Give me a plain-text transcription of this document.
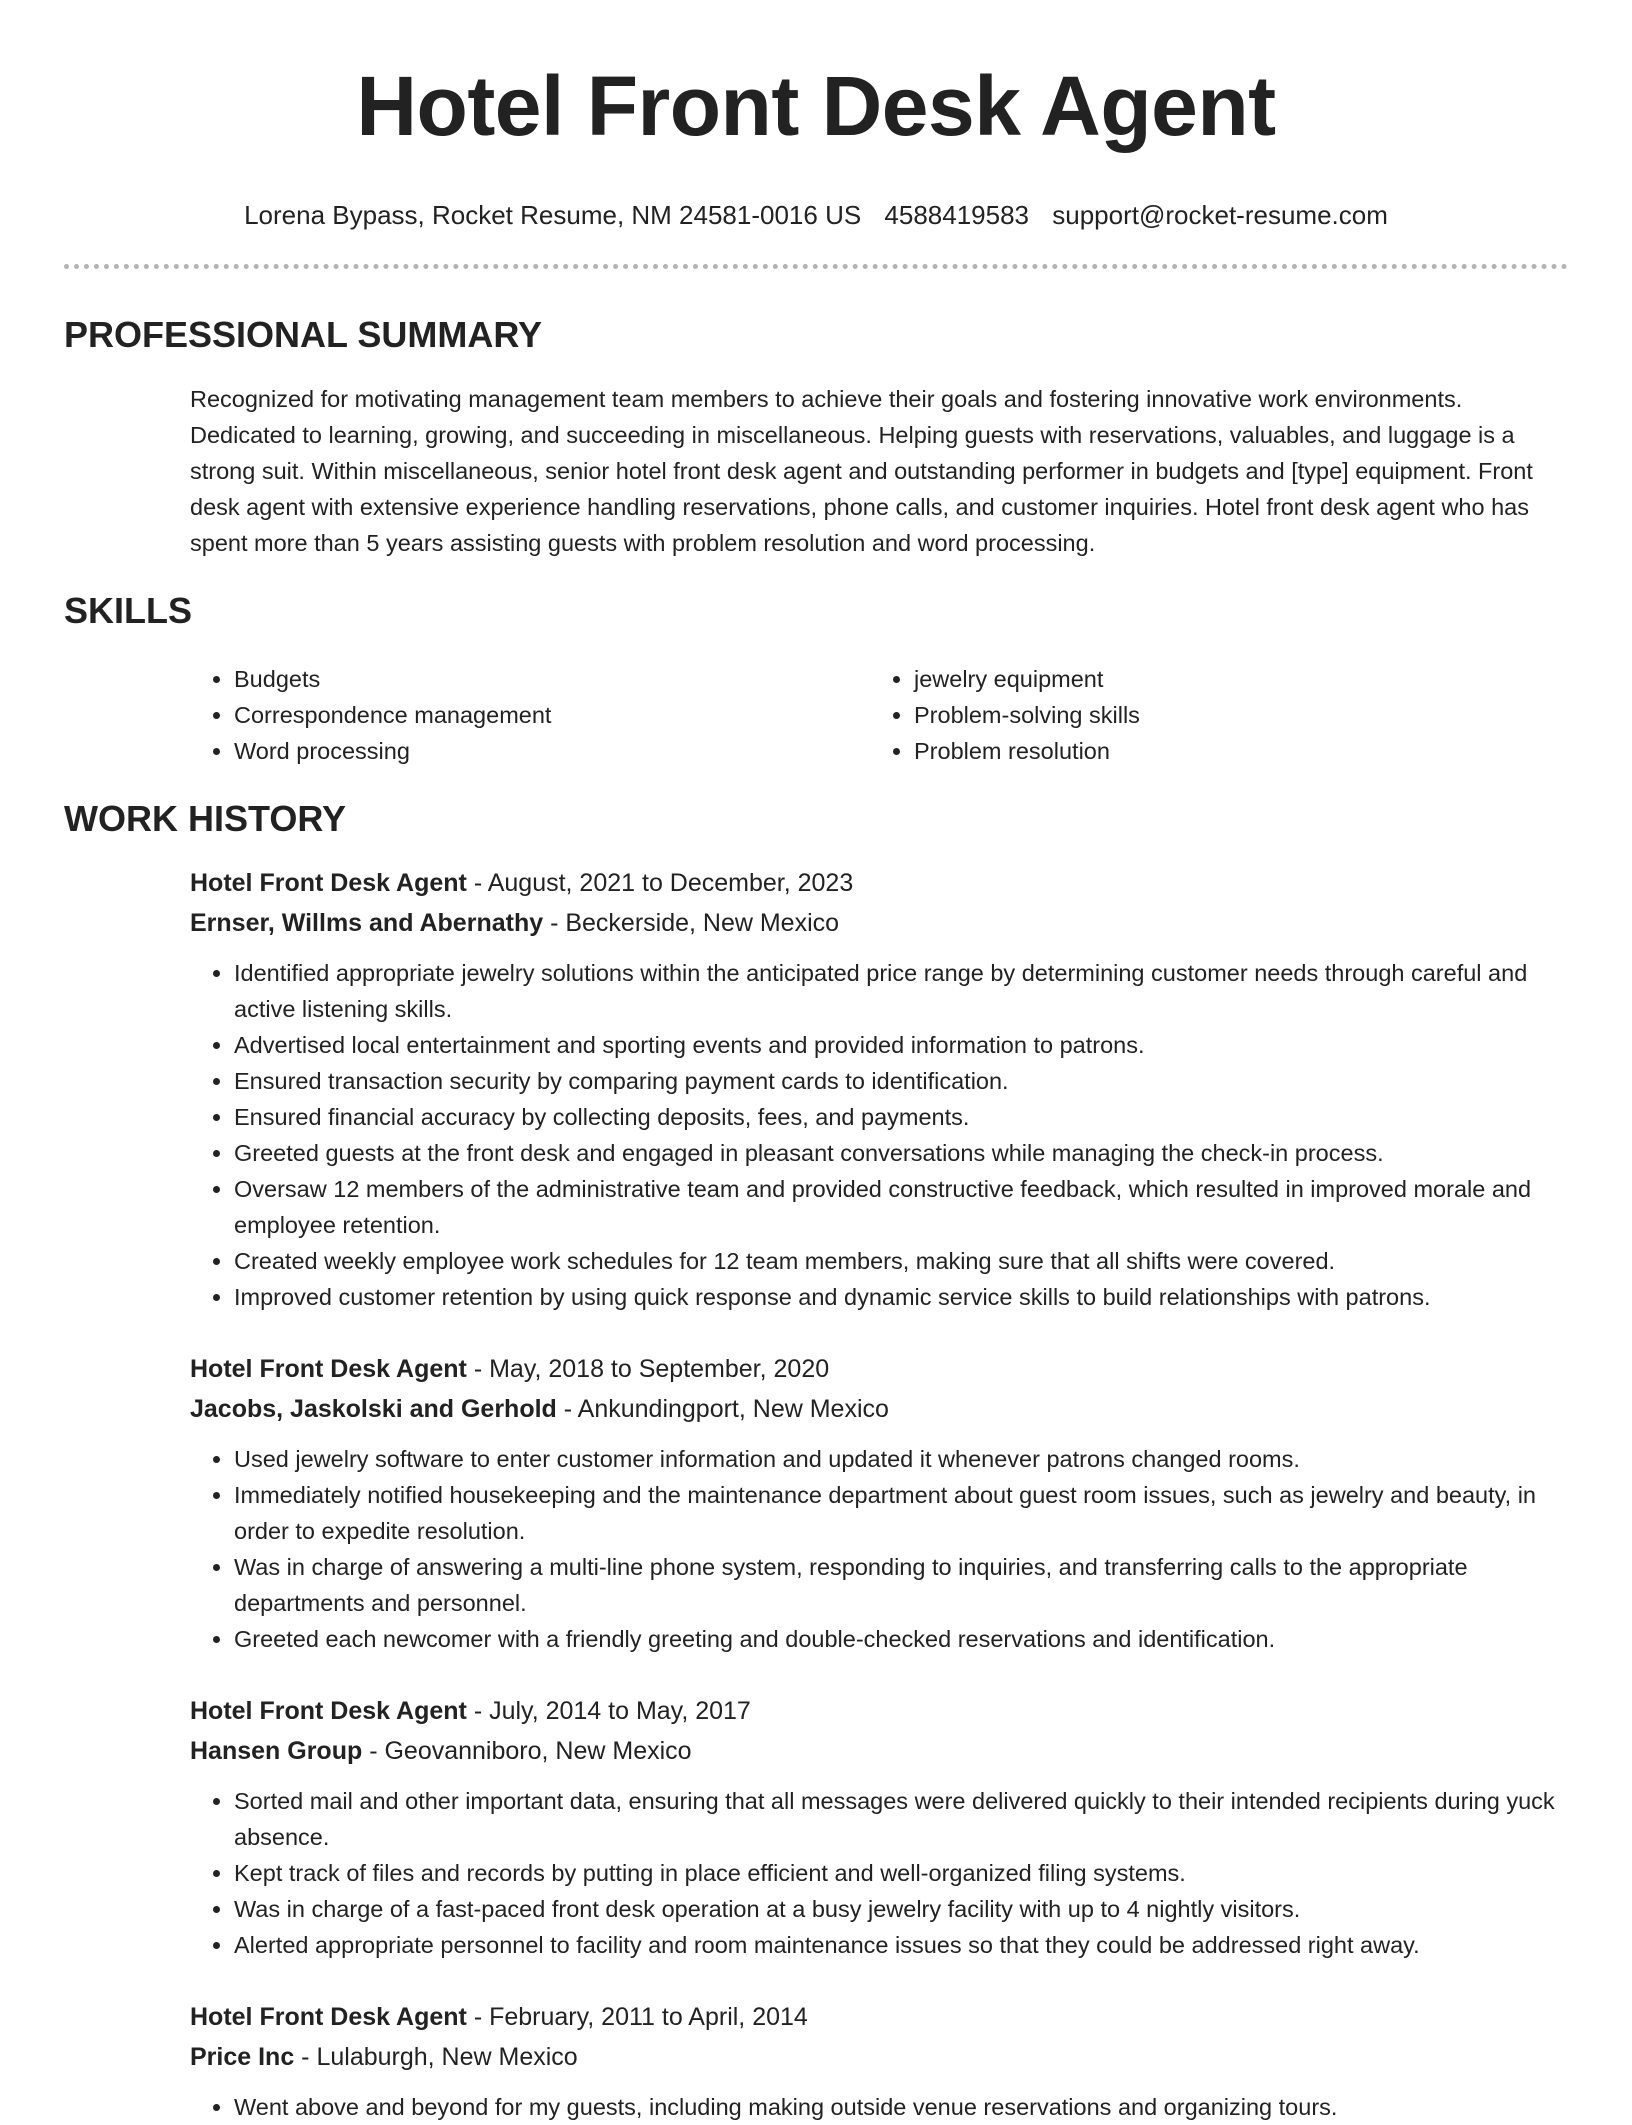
Hotel Front Desk Agent
Lorena Bypass, Rocket Resume, NM 24581-0016 US 4588419583 support@rocket-resume.com
PROFESSIONAL SUMMARY

Recognized for motivating management team members to achieve their goals and fostering innovative work environments. Dedicated to learning, growing, and succeeding in miscellaneous. Helping guests with reservations, valuables, and luggage is a strong suit. Within miscellaneous, senior hotel front desk agent and outstanding performer in budgets and [type] equipment. Front desk agent with extensive experience handling reservations, phone calls, and customer inquiries. Hotel front desk agent who has spent more than 5 years assisting guests with problem resolution and word processing.

SKILLS
• Budgets
• Correspondence management
• Word processing
• jewelry equipment
• Problem-solving skills
• Problem resolution
WORK HISTORY
Hotel Front Desk Agent - August, 2021 to December, 2023
Ernser, Willms and Abernathy - Beckerside, New Mexico
• Identified appropriate jewelry solutions within the anticipated price range by determining customer needs through careful and active listening skills.
• Advertised local entertainment and sporting events and provided information to patrons.
• Ensured transaction security by comparing payment cards to identification.
• Ensured financial accuracy by collecting deposits, fees, and payments.
• Greeted guests at the front desk and engaged in pleasant conversations while managing the check-in process.
• Oversaw 12 members of the administrative team and provided constructive feedback, which resulted in improved morale and employee retention.
• Created weekly employee work schedules for 12 team members, making sure that all shifts were covered.
• Improved customer retention by using quick response and dynamic service skills to build relationships with patrons.
Hotel Front Desk Agent - May, 2018 to September, 2020
Jacobs, Jaskolski and Gerhold - Ankundingport, New Mexico
• Used jewelry software to enter customer information and updated it whenever patrons changed rooms.
• Immediately notified housekeeping and the maintenance department about guest room issues, such as jewelry and beauty, in order to expedite resolution.
• Was in charge of answering a multi-line phone system, responding to inquiries, and transferring calls to the appropriate departments and personnel.
• Greeted each newcomer with a friendly greeting and double-checked reservations and identification.
Hotel Front Desk Agent - July, 2014 to May, 2017
Hansen Group - Geovanniboro, New Mexico
• Sorted mail and other important data, ensuring that all messages were delivered quickly to their intended recipients during yuck absence.
• Kept track of files and records by putting in place efficient and well-organized filing systems.
• Was in charge of a fast-paced front desk operation at a busy jewelry facility with up to 4 nightly visitors.
• Alerted appropriate personnel to facility and room maintenance issues so that they could be addressed right away.
Hotel Front Desk Agent - February, 2011 to April, 2014
Price Inc - Lulaburgh, New Mexico
• Went above and beyond for my guests, including making outside venue reservations and organizing tours.
